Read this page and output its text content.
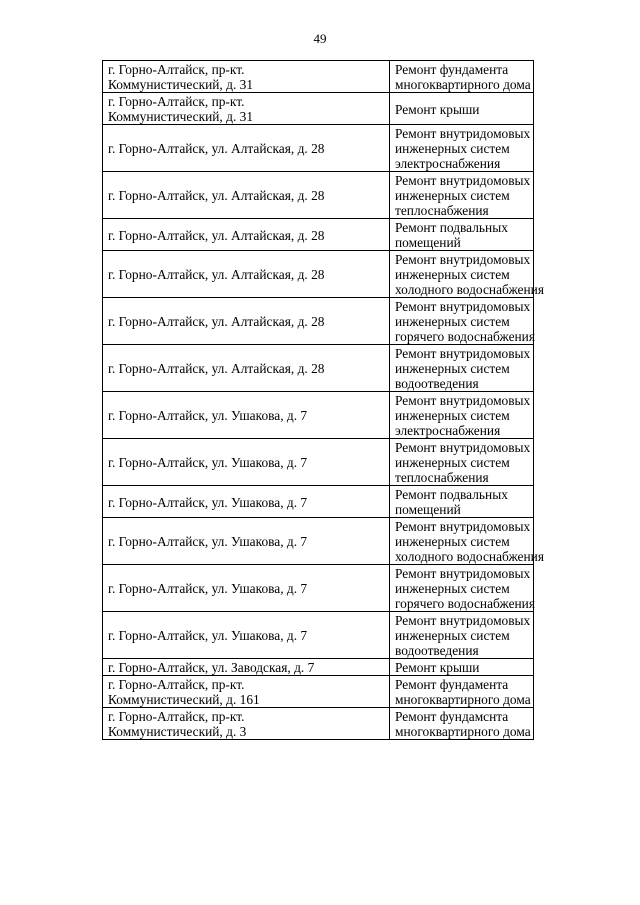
49
г. Горно-Алтайск, пр-кт.
Коммунистический, д. 31	Ремонт фундамента
многоквартирного дома
г. Горно-Алтайск, пр-кт.
Коммунистический, д. 31	Ремонт крыши
г. Горно-Алтайск, ул. Алтайская, д. 28	Ремонт внутридомовых
инженерных систем
электроснабжения
г. Горно-Алтайск, ул. Алтайская, д. 28	Ремонт внутридомовых
инженерных систем
теплоснабжения
г. Горно-Алтайск, ул. Алтайская, д. 28	Ремонт подвальных
помещений
г. Горно-Алтайск, ул. Алтайская, д. 28	Ремонт внутридомовых
инженерных систем
холодного водоснабжения
г. Горно-Алтайск, ул. Алтайская, д. 28	Ремонт внутридомовых
инженерных систем
горячего водоснабжения
г. Горно-Алтайск, ул. Алтайская, д. 28	Ремонт внутридомовых
инженерных систем
водоотведения
г. Горно-Алтайск, ул. Ушакова, д. 7	Ремонт внутридомовых
инженерных систем
электроснабжения
г. Горно-Алтайск, ул. Ушакова, д. 7	Ремонт внутридомовых
инженерных систем
теплоснабжения
г. Горно-Алтайск, ул. Ушакова, д. 7	Ремонт подвальных
помещений
г. Горно-Алтайск, ул. Ушакова, д. 7	Ремонт внутридомовых
инженерных систем
холодного водоснабжения
г. Горно-Алтайск, ул. Ушакова, д. 7	Ремонт внутридомовых
инженерных систем
горячего водоснабжения
г. Горно-Алтайск, ул. Ушакова, д. 7	Ремонт внутридомовых
инженерных систем
водоотведения
г. Горно-Алтайск, ул. Заводская, д. 7	Ремонт крыши
г. Горно-Алтайск, пр-кт.
Коммунистический, д. 161	Ремонт фундамента
многоквартирного дома
г. Горно-Алтайск, пр-кт.
Коммунистический, д. 3	Ремонт фундамснта
многоквартирного дома
